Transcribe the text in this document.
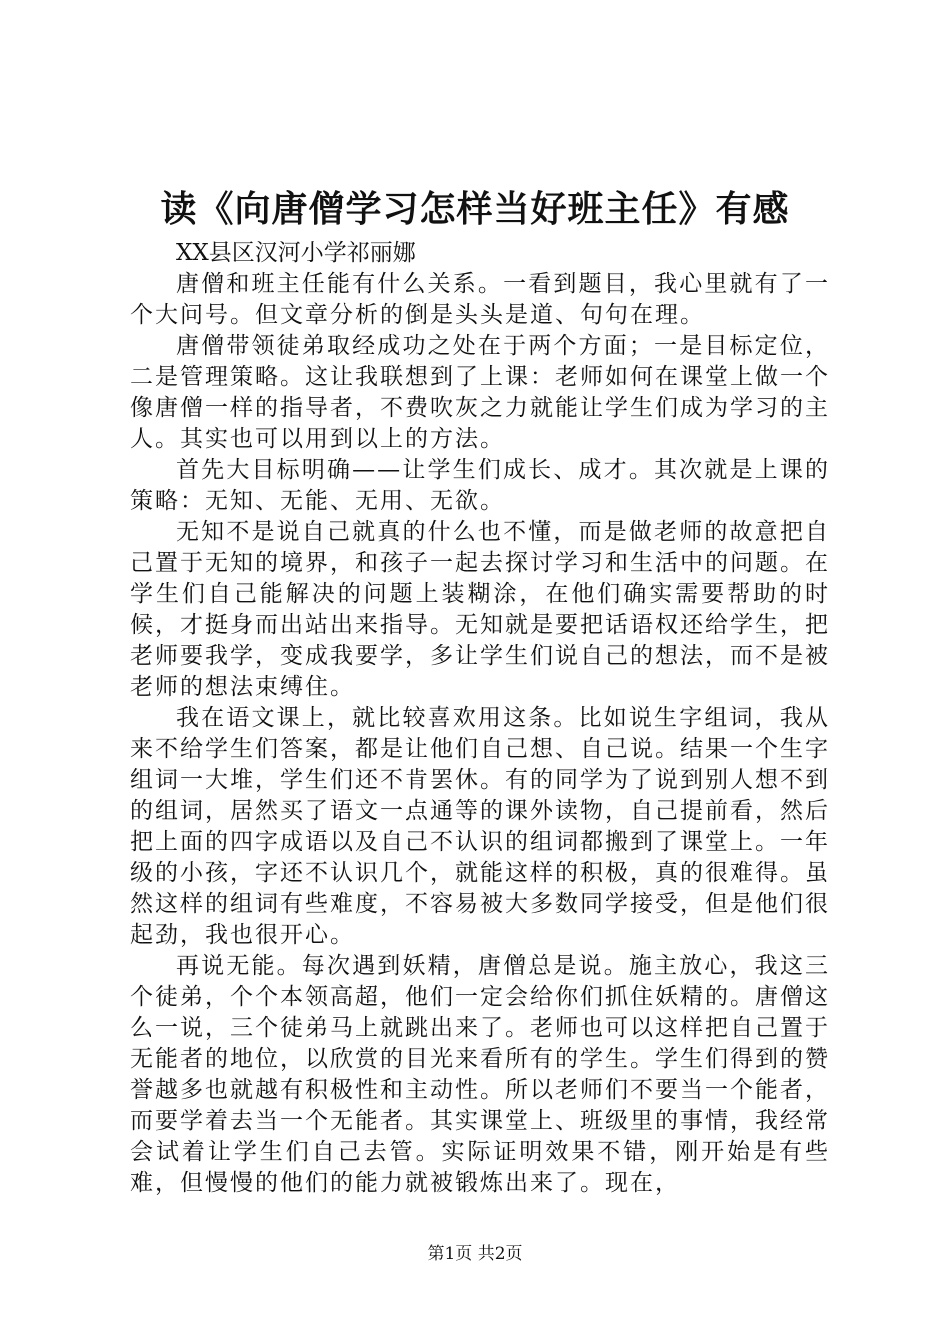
读《向唐僧学习怎样当好班主任》有感

XX县区汉河小学祁丽娜

唐僧和班主任能有什么关系。一看到题目，我心里就有了一个大问号。但文章分析的倒是头头是道、句句在理。

唐僧带领徒弟取经成功之处在于两个方面；一是目标定位，二是管理策略。这让我联想到了上课：老师如何在课堂上做一个像唐僧一样的指导者，不费吹灰之力就能让学生们成为学习的主人。其实也可以用到以上的方法。

首先大目标明确——让学生们成长、成才。其次就是上课的策略：无知、无能、无用、无欲。

无知不是说自己就真的什么也不懂，而是做老师的故意把自己置于无知的境界，和孩子一起去探讨学习和生活中的问题。在学生们自己能解决的问题上装糊涂，在他们确实需要帮助的时候，才挺身而出站出来指导。无知就是要把话语权还给学生，把老师要我学，变成我要学，多让学生们说自己的想法，而不是被老师的想法束缚住。

我在语文课上，就比较喜欢用这条。比如说生字组词，我从来不给学生们答案，都是让他们自己想、自己说。结果一个生字组词一大堆，学生们还不肯罢休。有的同学为了说到别人想不到的组词，居然买了语文一点通等的课外读物，自己提前看，然后把上面的四字成语以及自己不认识的组词都搬到了课堂上。一年级的小孩，字还不认识几个，就能这样的积极，真的很难得。虽然这样的组词有些难度，不容易被大多数同学接受，但是他们很起劲，我也很开心。

再说无能。每次遇到妖精，唐僧总是说。施主放心，我这三个徒弟，个个本领高超，他们一定会给你们抓住妖精的。唐僧这么一说，三个徒弟马上就跳出来了。老师也可以这样把自己置于无能者的地位，以欣赏的目光来看所有的学生。学生们得到的赞誉越多也就越有积极性和主动性。所以老师们不要当一个能者，而要学着去当一个无能者。其实课堂上、班级里的事情，我经常会试着让学生们自己去管。实际证明效果不错，刚开始是有些难，但慢慢的他们的能力就被锻炼出来了。现在，

第1页 共2页
